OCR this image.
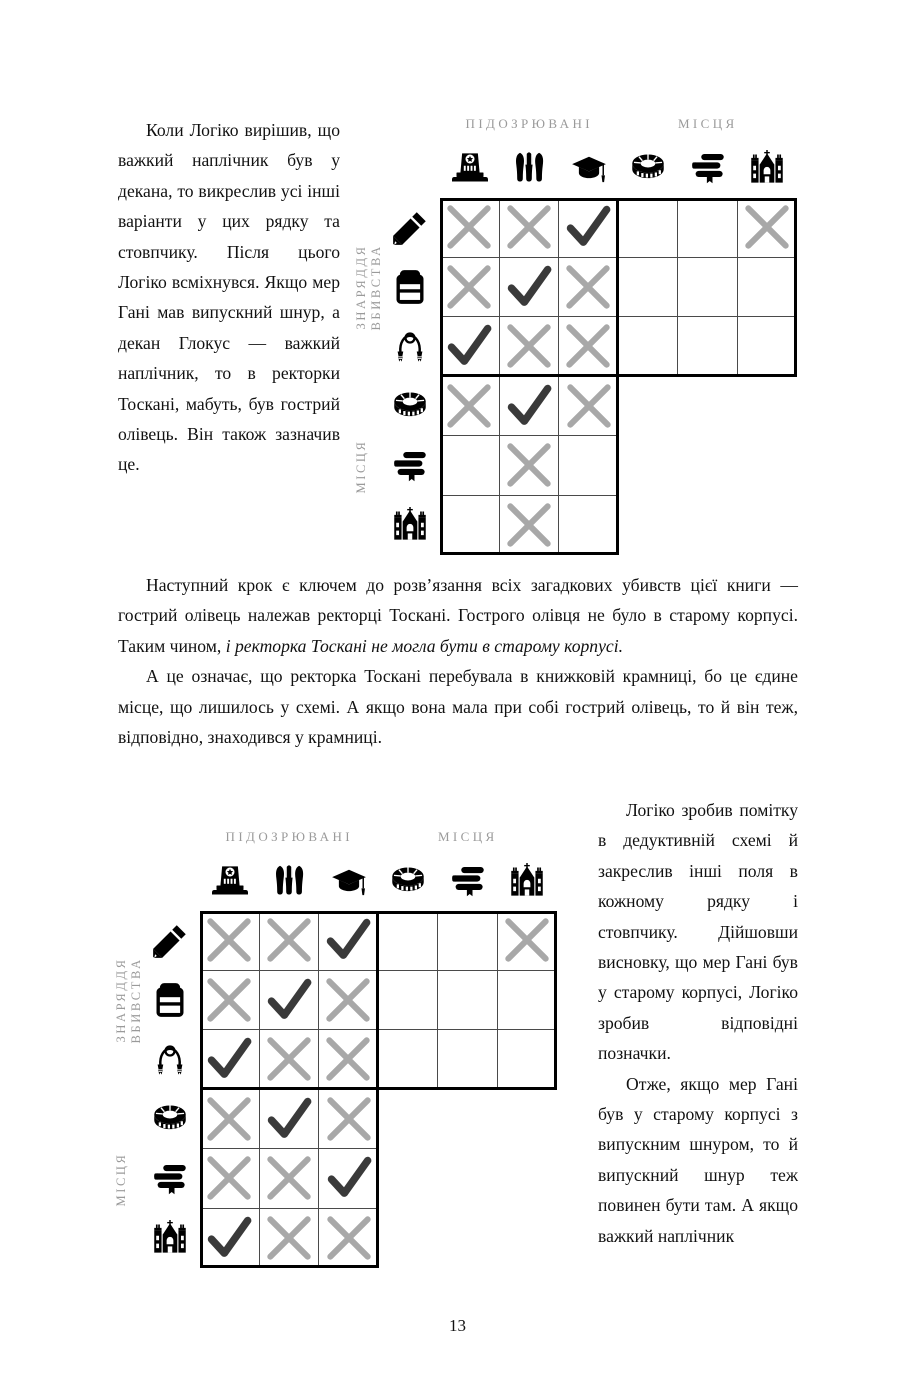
Коли Логіко вирішив, що важкий наплічник був у декана, то викреслив усі інші варіанти у цих рядку та стовпчику. Після цього Логіко всміхнувся. Якщо мер Гані мав випускний шнур, а декан Глокус — важкий наплічник, то в ректорки Тоскані, мабуть, був гострий олівець. Він також зазначив це.

ПІДОЗРЮВАНІ	МІСЦЯ
ЗНАРЯДДЯ
ВБИВСТВА
МІСЦЯ

Наступний крок є ключем до розв’язання всіх загадкових убивств цієї книги — гострий олівець належав ректорці Тоскані. Гострого олівця не було в старому корпусі. Таким чином, і ректорка Тоскані не могла бути в старому корпусі.

А це означає, що ректорка Тоскані перебувала в книжковій крамниці, бо це єдине місце, що лишилось у схемі. А якщо вона мала при собі гострий олівець, то й він теж, відповідно, знаходився у крамниці.

ПІДОЗРЮВАНІ	МІСЦЯ
ЗНАРЯДДЯ
ВБИВСТВА
МІСЦЯ

Логіко зробив помітку в дедуктивній схемі й закреслив інші поля в кожному рядку і стовпчику. Дійшовши висновку, що мер Гані був у старому корпусі, Логіко зробив відповідні позначки.

Отже, якщо мер Гані був у старому корпусі з випускним шнуром, то й випускний шнур теж повинен бути там. А якщо важкий наплічник

13
